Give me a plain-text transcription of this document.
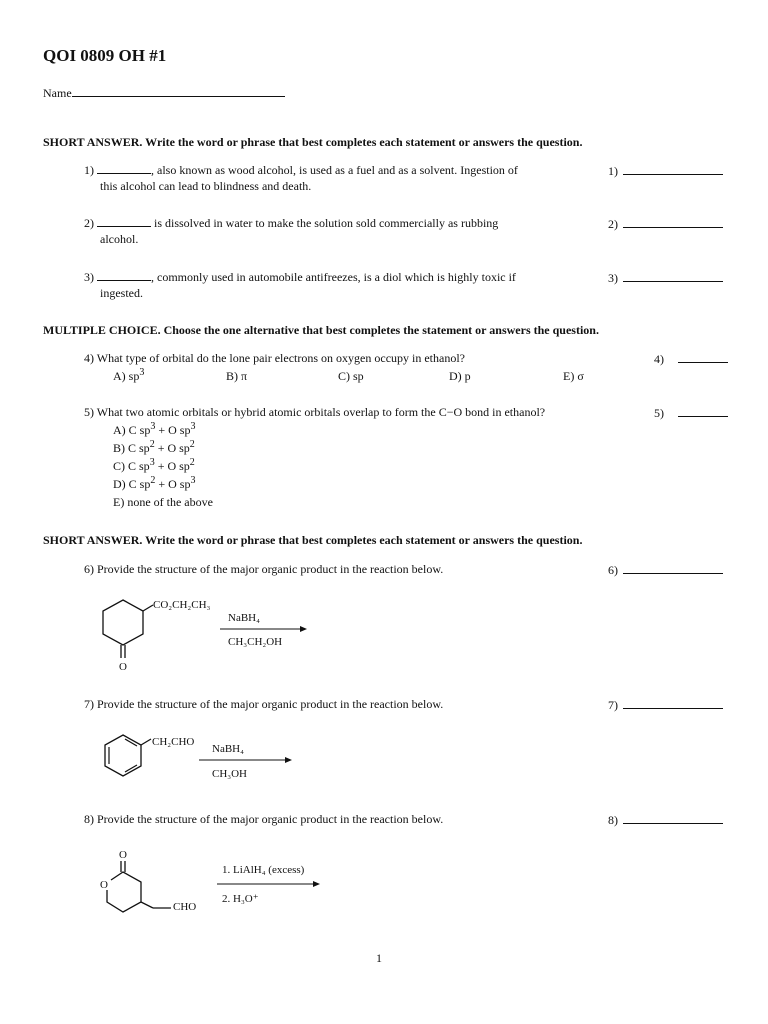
QOI 0809 OH #1
Name
SHORT ANSWER. Write the word or phrase that best completes each statement or answers the question.
1)	, also known as wood alcohol, is used as a fuel and as a solvent. Ingestion of
this alcohol can lead to blindness and death.
1)
2)	is dissolved in water to make the solution sold commercially as rubbing
alcohol.
2)
3)	, commonly used in automobile antifreezes, is a diol which is highly toxic if
ingested.
3)
MULTIPLE CHOICE. Choose the one alternative that best completes the statement or answers the question.
4) What type of orbital do the lone pair electrons on oxygen occupy in ethanol?	4)
A) $sp^3$	B) π	C) sp	D) p	E) σ
5) What two atomic orbitals or hybrid atomic orbitals overlap to form the C−O bond in ethanol?	5)
A) C $sp^3 + O$ $sp^3$
B) C $sp^2 + O$ $sp^2$
C) C $sp^3 + O$ $sp^2$
D) C $sp^2 + O$ $sp^3$
E) none of the above
SHORT ANSWER. Write the word or phrase that best completes each statement or answers the question.
6) Provide the structure of the major organic product in the reaction below.	6)
CO₂CH₂CH₃
O
NaBH₄
CH₃CH₂OH
7) Provide the structure of the major organic product in the reaction below.	7)
CH₂CHO
NaBH₄
CH₃OH
8) Provide the structure of the major organic product in the reaction below.	8)
O
O
CHO
1. LiAlH₄ (excess)
2. H₃O⁺
1
